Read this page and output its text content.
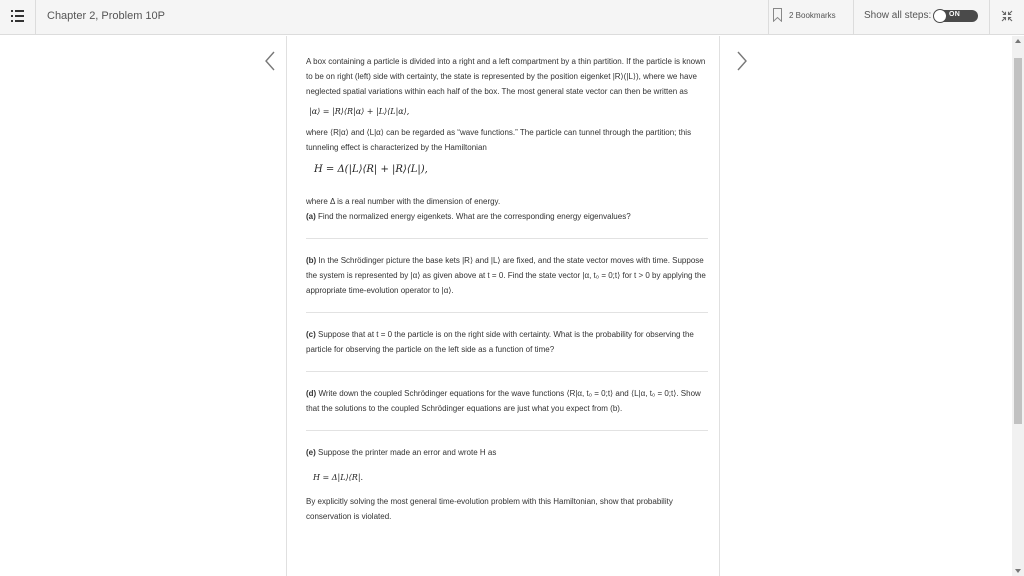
Chapter 2, Problem 10P	2 Bookmarks	Show all steps:	ON

A box containing a particle is divided into a right and a left compartment by a thin partition. If the particle is known to be on right (left) side with certainty, the state is represented by the position eigenket |R⟩(|L⟩), where we have neglected spatial variations within each half of the box. The most general state vector can then be written as

|α⟩ = |R⟩⟨R|α⟩ + |L⟩⟨L|α⟩,

where ⟨R|α⟩ and ⟨L|α⟩ can be regarded as “wave functions.” The particle can tunnel through the partition; this tunneling effect is characterized by the Hamiltonian

H = Δ(|L⟩⟨R| + |R⟩⟨L|),

where Δ is a real number with the dimension of energy.

(a) Find the normalized energy eigenkets. What are the corresponding energy eigenvalues?

(b) In the Schrödinger picture the base kets |R⟩ and |L⟩ are fixed, and the state vector moves with time. Suppose the system is represented by |α⟩ as given above at t = 0. Find the state vector |α, t₀ = 0;t⟩ for t > 0 by applying the appropriate time-evolution operator to |α⟩.

(c) Suppose that at t = 0 the particle is on the right side with certainty. What is the probability for observing the particle for observing the particle on the left side as a function of time?

(d) Write down the coupled Schrödinger equations for the wave functions ⟨R|α, t₀ = 0;t⟩ and ⟨L|α, t₀ = 0;t⟩. Show that the solutions to the coupled Schrödinger equations are just what you expect from (b).

(e) Suppose the printer made an error and wrote H as

H = Δ|L⟩⟨R|.

By explicitly solving the most general time-evolution problem with this Hamiltonian, show that probability conservation is violated.
